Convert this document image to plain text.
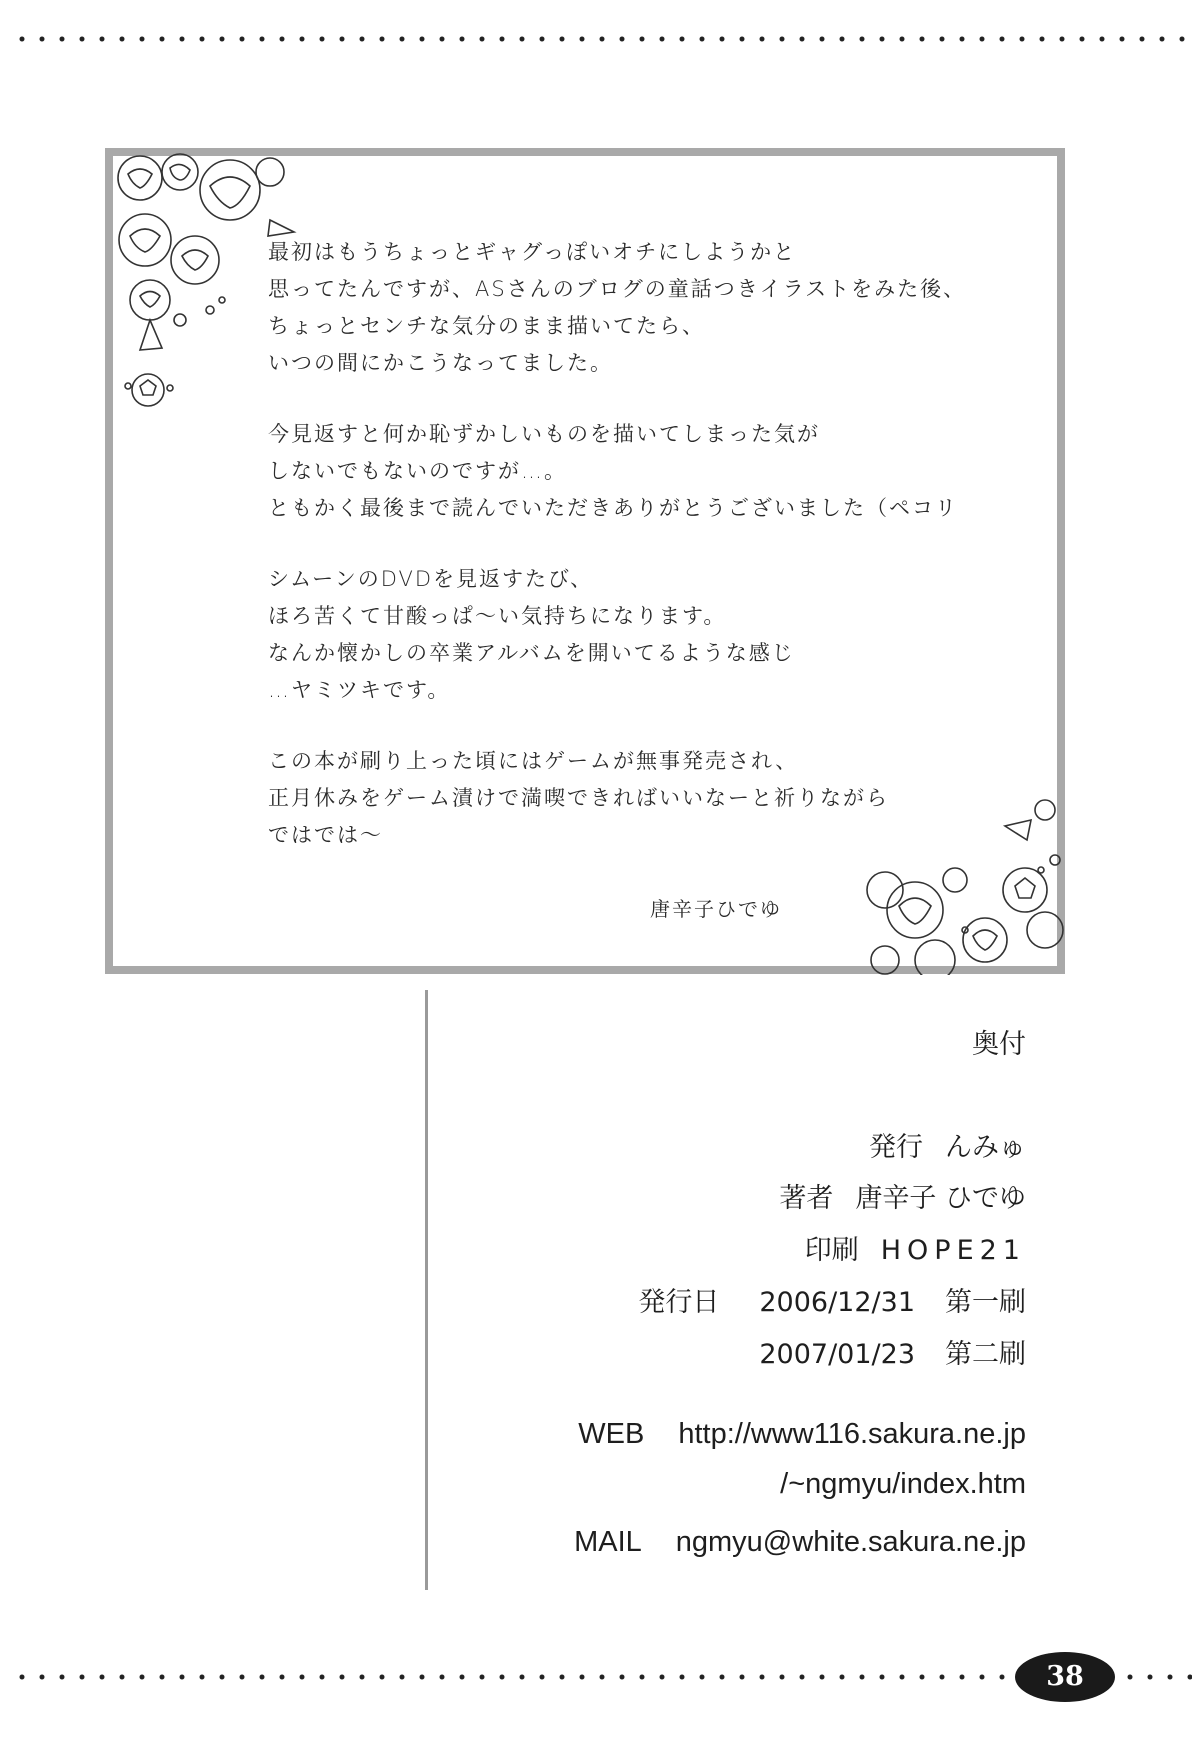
最初はもうちょっとギャグっぽいオチにしようかと
思ってたんですが、ASさんのブログの童話つきイラストをみた後、
ちょっとセンチな気分のまま描いてたら、
いつの間にかこうなってました。
今見返すと何か恥ずかしいものを描いてしまった気が
しないでもないのですが…。
ともかく最後まで読んでいただきありがとうございました（ペコリ
シムーンのDVDを見返すたび、
ほろ苦くて甘酸っぱ〜い気持ちになります。
なんか懐かしの卒業アルバムを開いてるような感じ
…ヤミツキです。
この本が刷り上った頃にはゲームが無事発売され、
正月休みをゲーム漬けで満喫できればいいなーと祈りながら
ではでは〜
唐辛子ひでゆ
奥付
発行 んみゅ
著者 唐辛子 ひでゆ
印刷 HOPE21
発行日 2006/12/31 第一刷
2007/01/23 第二刷
WEB http://www116.sakura.ne.jp
/~ngmyu/index.htm
MAIL ngmyu@white.sakura.ne.jp
38
